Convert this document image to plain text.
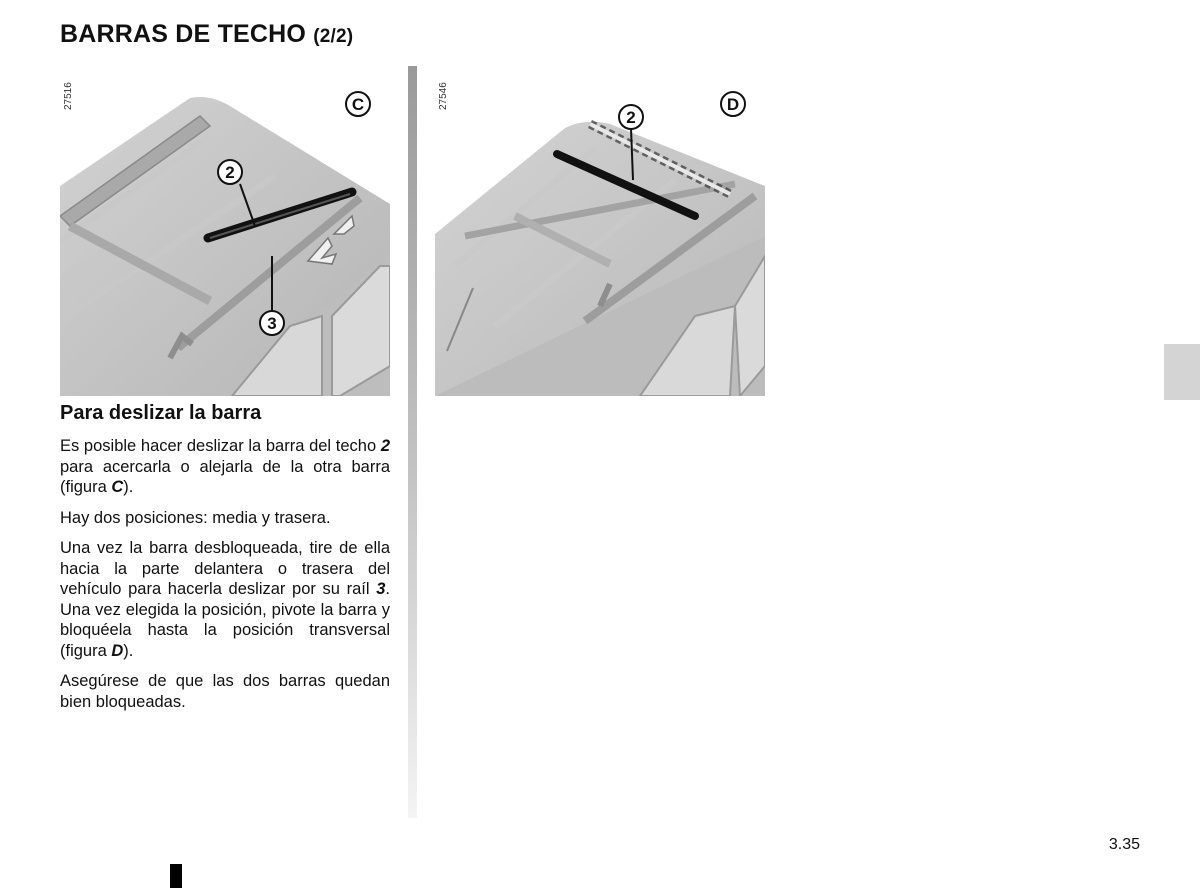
BARRAS DE TECHO (2/2)
2
3
C
27516
2
D
27546
Para deslizar la barra

Es posible hacer deslizar la barra del techo 2 para acercarla o alejarla de la otra barra (figura C).

Hay dos posiciones: media y trasera.

Una vez la barra desbloqueada, tire de ella hacia la parte delantera o trasera del vehículo para hacerla deslizar por su raíl 3. Una vez elegida la posición, pivote la barra y bloquéela hasta la posición transversal (figura D).

Asegúrese de que las dos barras quedan bien bloqueadas.

3.35
